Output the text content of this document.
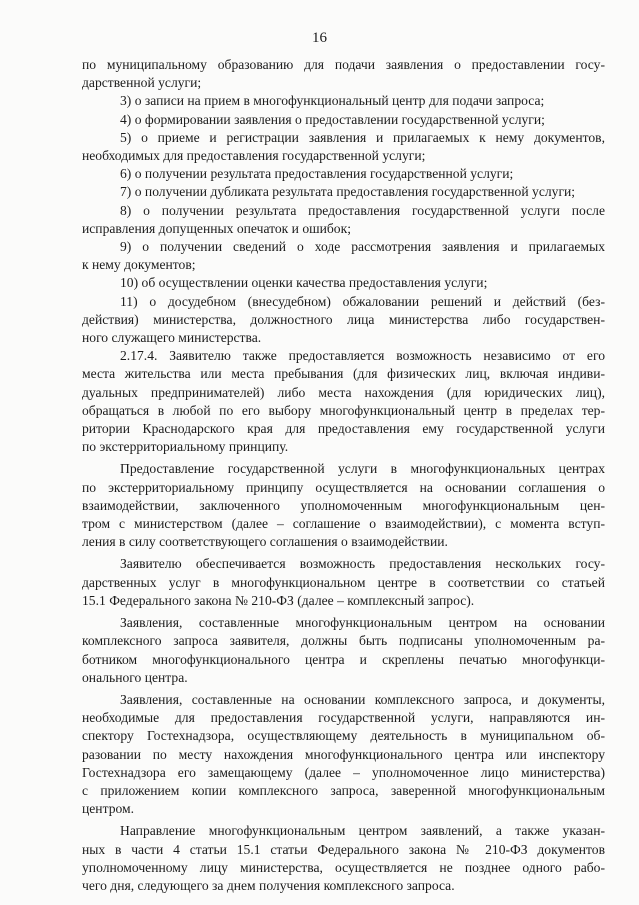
16
по муниципальному образованию для подачи заявления о предоставлении госу-
дарственной услуги;
3) о записи на прием в многофункциональный центр для подачи запроса;
4) о формировании заявления о предоставлении государственной услуги;
5) о приеме и регистрации заявления и прилагаемых к нему документов,
необходимых для предоставления государственной услуги;
6) о получении результата предоставления государственной услуги;
7) о получении дубликата результата предоставления государственной услуги;
8) о получении результата предоставления государственной услуги после
исправления допущенных опечаток и ошибок;
9) о получении сведений о ходе рассмотрения заявления и прилагаемых
к нему документов;
10) об осуществлении оценки качества предоставления услуги;
11) о досудебном (внесудебном) обжаловании решений и действий (без-
действия) министерства, должностного лица министерства либо государствен-
ного служащего министерства.
2.17.4. Заявителю также предоставляется возможность независимо от его
места жительства или места пребывания (для физических лиц, включая индиви-
дуальных предпринимателей) либо места нахождения (для юридических лиц),
обращаться в любой по его выбору многофункциональный центр в пределах тер-
ритории Краснодарского края для предоставления ему государственной услуги
по экстерриториальному принципу.
Предоставление государственной услуги в многофункциональных центрах
по экстерриториальному принципу осуществляется на основании соглашения о
взаимодействии, заключенного уполномоченным многофункциональным цен-
тром с министерством (далее – соглашение о взаимодействии), с момента вступ-
ления в силу соответствующего соглашения о взаимодействии.
Заявителю обеспечивается возможность предоставления нескольких госу-
дарственных услуг в многофункциональном центре в соответствии со статьей
15.1 Федерального закона № 210-ФЗ (далее – комплексный запрос).
Заявления, составленные многофункциональным центром на основании
комплексного запроса заявителя, должны быть подписаны уполномоченным ра-
ботником многофункционального центра и скреплены печатью многофункци-
онального центра.
Заявления, составленные на основании комплексного запроса, и документы,
необходимые для предоставления государственной услуги, направляются ин-
спектору Гостехнадзора, осуществляющему деятельность в муниципальном об-
разовании по месту нахождения многофункционального центра или инспектору
Гостехнадзора его замещающему (далее – уполномоченное лицо министерства)
с приложением копии комплексного запроса, заверенной многофункциональным
центром.
Направление многофункциональным центром заявлений, а также указан-
ных в части 4 статьи 15.1 статьи Федерального закона № 210-ФЗ документов
уполномоченному лицу министерства, осуществляется не позднее одного рабо-
чего дня, следующего за днем получения комплексного запроса.
